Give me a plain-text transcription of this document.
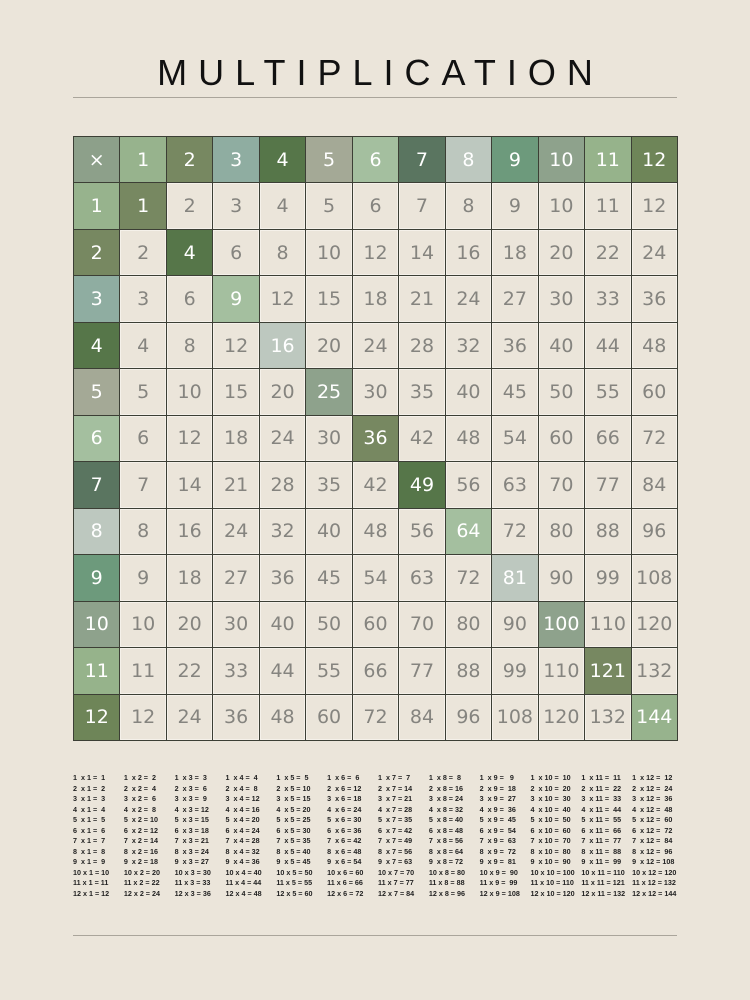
MULTIPLICATION
×	1	2	3	4	5	6	7	8	9	10	11	12
1	1	2	3	4	5	6	7	8	9	10	11	12
2	2	4	6	8	10	12	14	16	18	20	22	24
3	3	6	9	12	15	18	21	24	27	30	33	36
4	4	8	12	16	20	24	28	32	36	40	44	48
5	5	10	15	20	25	30	35	40	45	50	55	60
6	6	12	18	24	30	36	42	48	54	60	66	72
7	7	14	21	28	35	42	49	56	63	70	77	84
8	8	16	24	32	40	48	56	64	72	80	88	96
9	9	18	27	36	45	54	63	72	81	90	99 108
10	10	20	30	40	50	60	70	80	90 100 110 120
11	11	22	33	44	55	66	77	88	99 110 121 132
12	12	24	36	48	60	72	84	96 108 120 132 144
1  x 1 =  1
2  x 1 =  2
3  x 1 =  3
4  x 1 =  4
5  x 1 =  5
6  x 1 =  6
7  x 1 =  7
8  x 1 =  8
9  x 1 =  9
10 x 1 = 10
11 x 1 = 11
12 x 1 = 12
1  x 2 =  2
2  x 2 =  4
3  x 2 =  6
4  x 2 =  8
5  x 2 = 10
6  x 2 = 12
7  x 2 = 14
8  x 2 = 16
9  x 2 = 18
10 x 2 = 20
11 x 2 = 22
12 x 2 = 24
1  x 3 =  3
2  x 3 =  6
3  x 3 =  9
4  x 3 = 12
5  x 3 = 15
6  x 3 = 18
7  x 3 = 21
8  x 3 = 24
9  x 3 = 27
10 x 3 = 30
11 x 3 = 33
12 x 3 = 36
1  x 4 =  4
2  x 4 =  8
3  x 4 = 12
4  x 4 = 16
5  x 4 = 20
6  x 4 = 24
7  x 4 = 28
8  x 4 = 32
9  x 4 = 36
10 x 4 = 40
11 x 4 = 44
12 x 4 = 48
1  x 5 =  5
2  x 5 = 10
3  x 5 = 15
4  x 5 = 20
5  x 5 = 25
6  x 5 = 30
7  x 5 = 35
8  x 5 = 40
9  x 5 = 45
10 x 5 = 50
11 x 5 = 55
12 x 5 = 60
1  x 6 =  6
2  x 6 = 12
3  x 6 = 18
4  x 6 = 24
5  x 6 = 30
6  x 6 = 36
7  x 6 = 42
8  x 6 = 48
9  x 6 = 54
10 x 6 = 60
11 x 6 = 66
12 x 6 = 72
1  x 7 =  7
2  x 7 = 14
3  x 7 = 21
4  x 7 = 28
5  x 7 = 35
6  x 7 = 42
7  x 7 = 49
8  x 7 = 56
9  x 7 = 63
10 x 7 = 70
11 x 7 = 77
12 x 7 = 84
1  x 8 =  8
2  x 8 = 16
3  x 8 = 24
4  x 8 = 32
5  x 8 = 40
6  x 8 = 48
7  x 8 = 56
8  x 8 = 64
9  x 8 = 72
10 x 8 = 80
11 x 8 = 88
12 x 8 = 96
1  x 9 =   9
2  x 9 =  18
3  x 9 =  27
4  x 9 =  36
5  x 9 =  45
6  x 9 =  54
7  x 9 =  63
8  x 9 =  72
9  x 9 =  81
10 x 9 =  90
11 x 9 =  99
12 x 9 = 108
1  x 10 =  10
2  x 10 =  20
3  x 10 =  30
4  x 10 =  40
5  x 10 =  50
6  x 10 =  60
7  x 10 =  70
8  x 10 =  80
9  x 10 =  90
10 x 10 = 100
11 x 10 = 110
12 x 10 = 120
1  x 11 =  11
2  x 11 =  22
3  x 11 =  33
4  x 11 =  44
5  x 11 =  55
6  x 11 =  66
7  x 11 =  77
8  x 11 =  88
9  x 11 =  99
10 x 11 = 110
11 x 11 = 121
12 x 11 = 132
1  x 12 =  12
2  x 12 =  24
3  x 12 =  36
4  x 12 =  48
5  x 12 =  60
6  x 12 =  72
7  x 12 =  84
8  x 12 =  96
9  x 12 = 108
10 x 12 = 120
11 x 12 = 132
12 x 12 = 144
